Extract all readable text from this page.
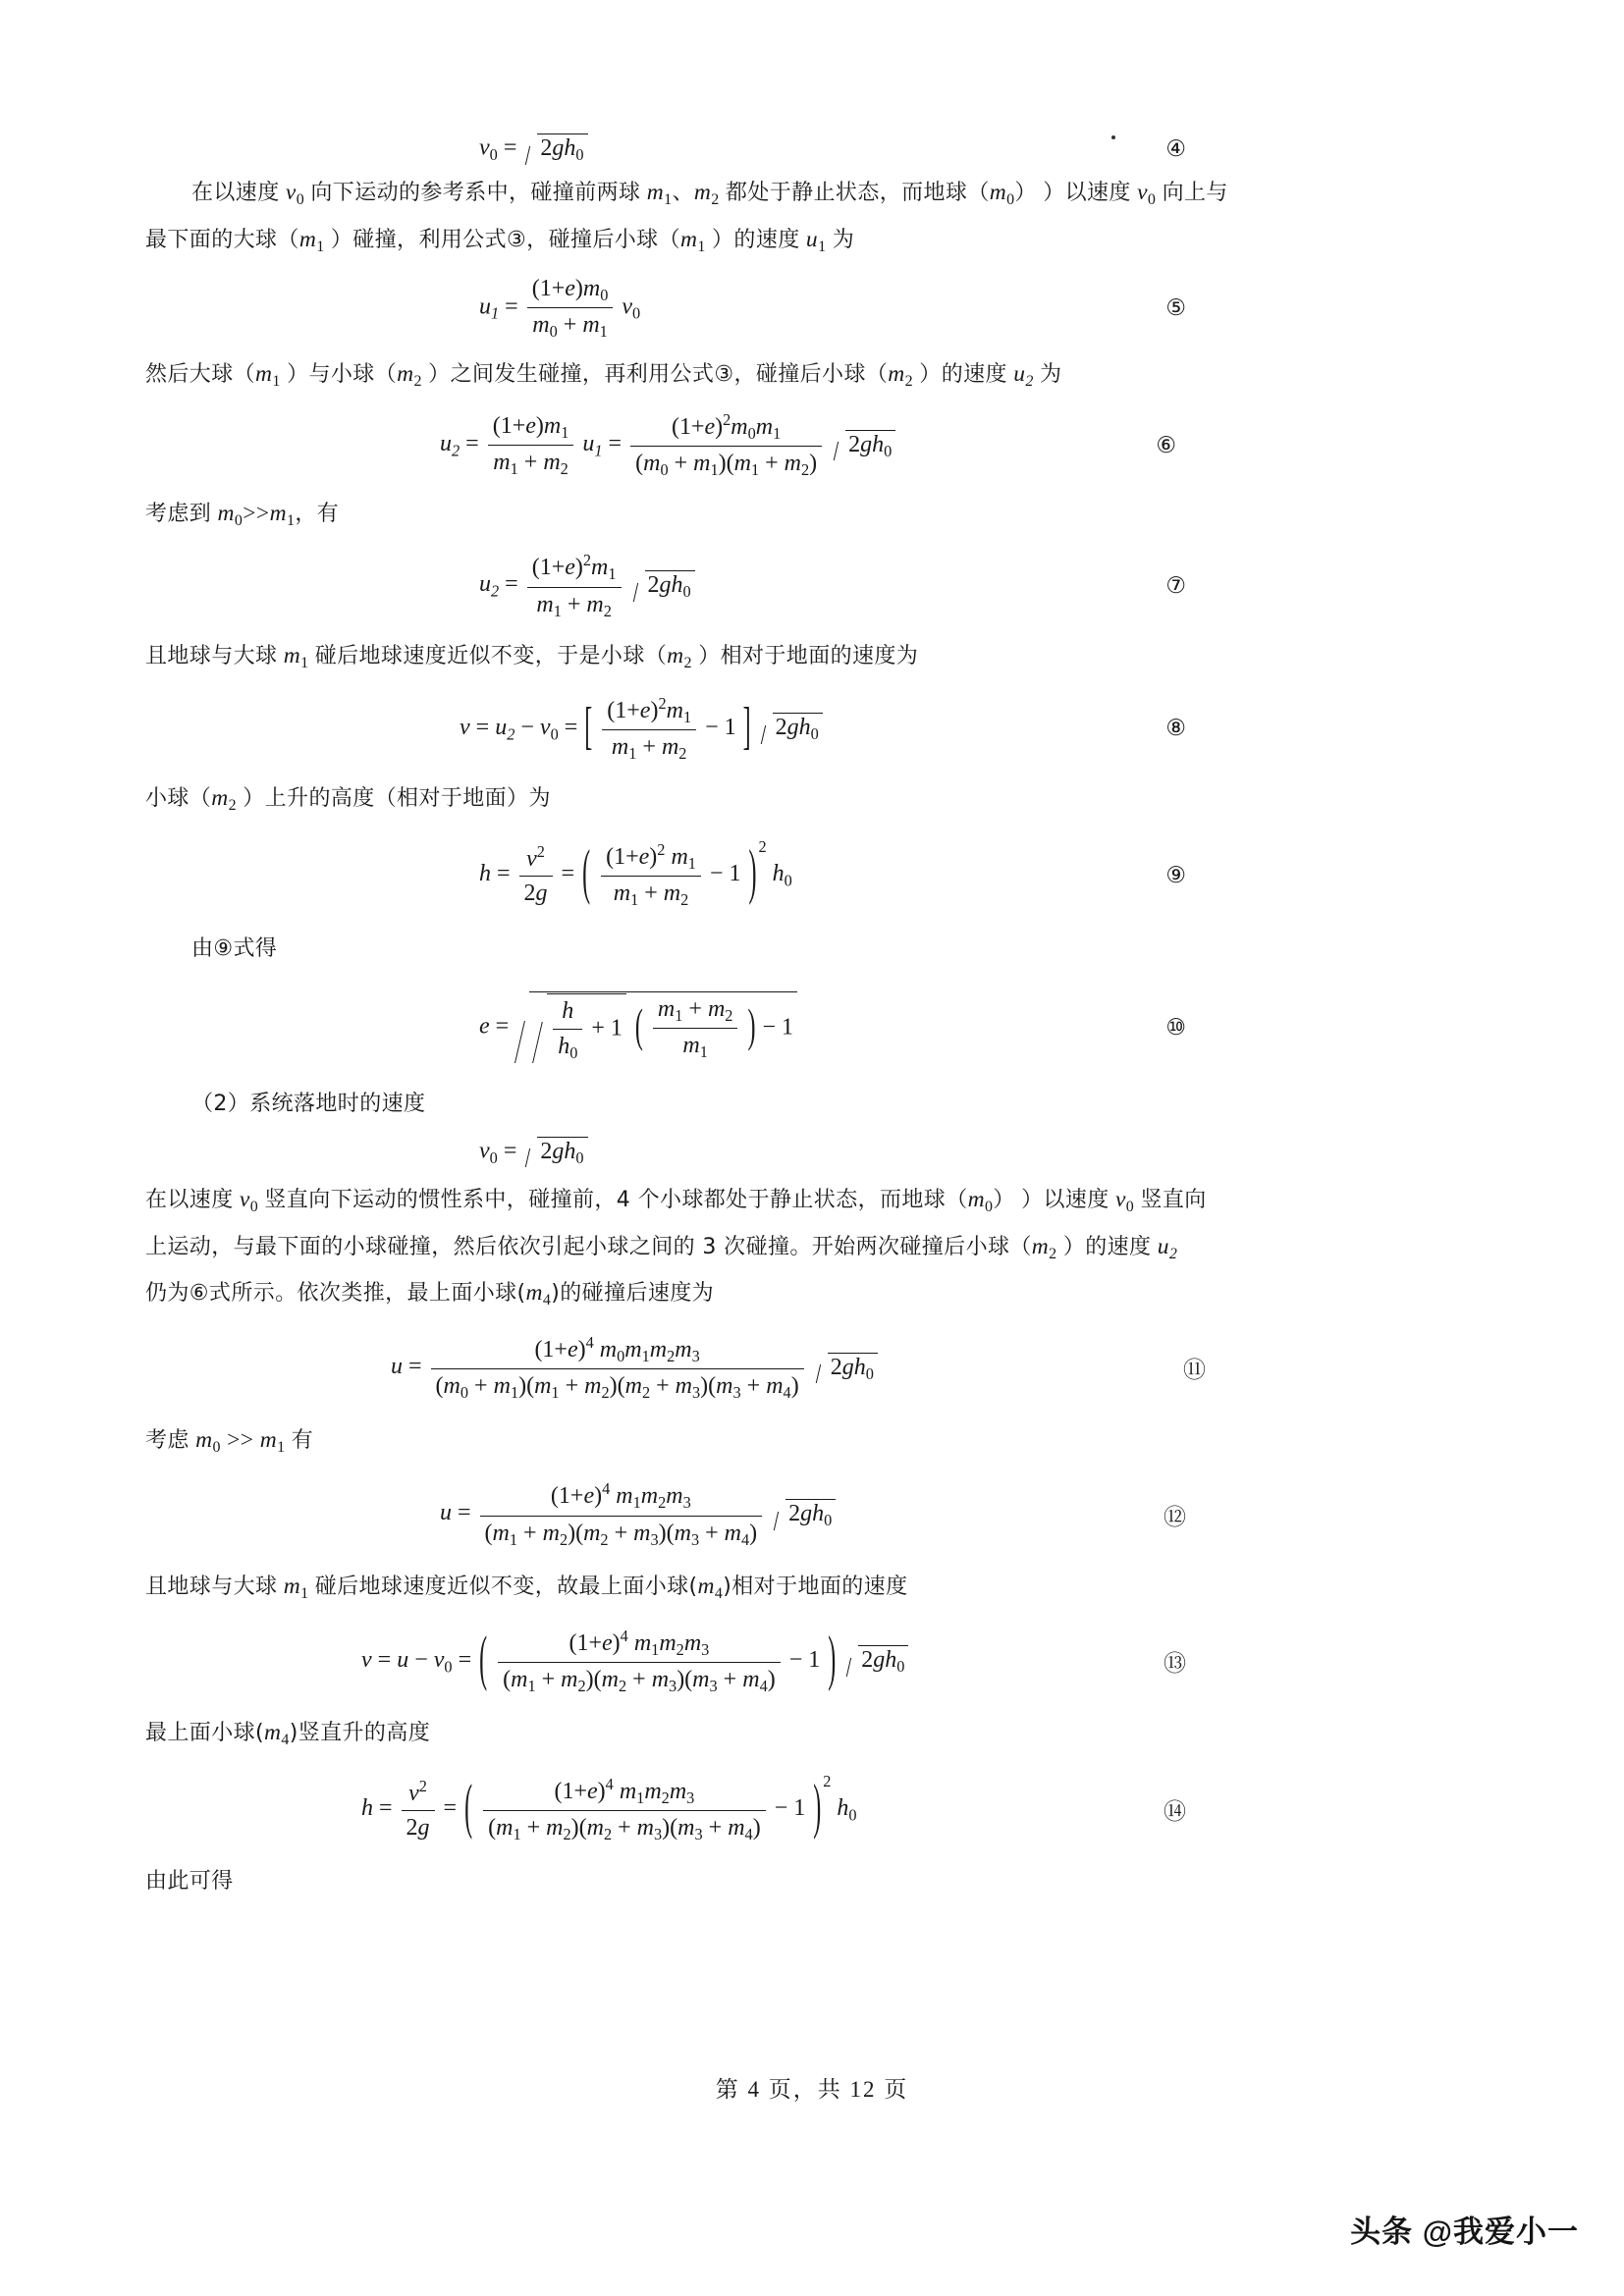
$v_0 = 2gh_0$	④

在以速度 $v_0$ 向下运动的参考系中，碰撞前两球 $m_1$、$m_2$ 都处于静止状态，而地球$(m_0)$ ）以速度 $v_0$ 向上与

最下面的大球（$m_1$ ）碰撞，利用公式③，碰撞后小球（$m_1$ ）的速度 $u_1$ 为

$u_1 = \frac{(1+e)m_0}{m_0 + m_1} v_0$	⑤

然后大球（$m_1$ ）与小球（$m_2$ ）之间发生碰撞，再利用公式③，碰撞后小球（$m_2$ ）的速度 $u_2$ 为

$u_2 = \frac{(1+e)m_1}{m_1 + m_2} u_1 = \frac{(1+e)^2m_0m_1}{(m_0 + m_1)(m_1 + m_2)} 2gh_0$	⑥

考虑到 $m_0>>m_1$，有

$u_2 = \frac{(1+e)^2m_1}{m_1 + m_2} 2gh_0$	⑦

且地球与大球 $m_1$ 碰后地球速度近似不变，于是小球（$m_2$ ）相对于地面的速度为

$v = u_2 - v_0$ = [ $\frac{(1+e)^2m_1}{m_1 + m_2} - 1$ ] $2gh_0$	⑧

小球（$m_2$ ）上升的高度（相对于地面）为

$h = \frac{v^2}{2g}$ = ( $\frac{(1+e)^2 m_1}{m_1 + m_2} - 1$ ) 2 $h_0$	⑨

由⑨式得

$e = \frac{h}{h_0} + 1$ ( $\frac{m_1 + m_2}{m_1}$ ) − 1	⑩

（2）系统落地时的速度

$v_0 = 2gh_0$

在以速度 $v_0$ 竖直向下运动的惯性系中，碰撞前，4 个小球都处于静止状态，而地球$(m_0)$ ）以速度 $v_0$ 竖直向

上运动，与最下面的小球碰撞，然后依次引起小球之间的 3 次碰撞。开始两次碰撞后小球（$m_2$ ）的速度 $u_2$

仍为⑥式所示。依次类推，最上面小球$(m_4)$的碰撞后速度为

$u = \frac{(1+e)^4 m_0m_1m_2m_3}{(m_0 + m_1)(m_1 + m_2)(m_2 + m_3)(m_3 + m_4)} 2gh_0$	⑪

考虑 $m_0 >> m_1$ 有

$u = \frac{(1+e)^4 m_1m_2m_3}{(m_1 + m_2)(m_2 + m_3)(m_3 + m_4)} 2gh_0$	⑫

且地球与大球 $m_1$ 碰后地球速度近似不变，故最上面小球$(m_4)$相对于地面的速度

$v = u - v_0$ = ( $\frac{(1+e)^4 m_1m_2m_3}{(m_1 + m_2)(m_2 + m_3)(m_3 + m_4)} - 1$ ) $2gh_0$	⑬

最上面小球$(m_4)$竖直升的高度

$h = \frac{v^2}{2g}$ = ( $\frac{(1+e)^4 m_1m_2m_3}{(m_1 + m_2)(m_2 + m_3)(m_3 + m_4)} - 1$ ) 2 $h_0$	⑭

由此可得

第 4 页，共 12 页
头条 @我爱小一
